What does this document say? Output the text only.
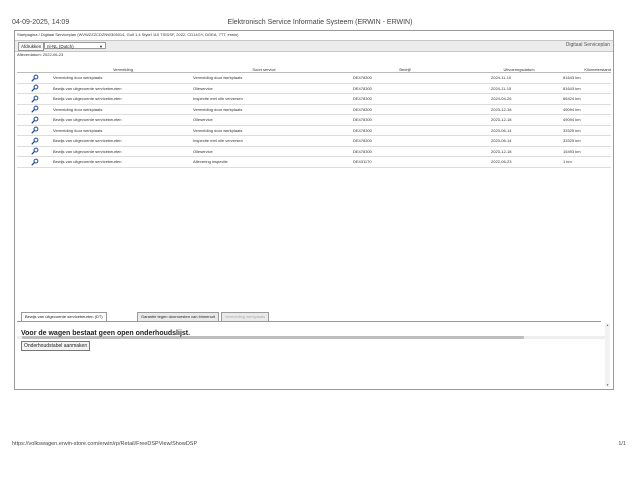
04-09-2025, 14:09	Elektronisch Service Informatie Systeem (ERWIN - ERWIN)
Startpagina / Digitaal Serviceplan (WVWZZZCDZNW305014, Golf 1.4 Styleİ 110 TSIDSF, 2022, CD14GY, DGEA, 7TT, erwin)
Afdrukken	nl-NL (Dutch)	▼	Digitaal Serviceplan
Afleverdatum: 2022-06-23
	Vermelding	Soort service	Bedrijf	Uitvoeringsdatum	Kilometerstand
	Vermelding door werkplaats	Vermelding door werkplaats	DE478300	2024-11-10	81643 km
	Bewijs van uitgevoerde servicebeurten	Olieservice	DE478300	2024-11-15	81643 km
	Bewijs van uitgevoerde servicebeurten	Inspectie met olie verversen	DE478300	2024-04-26	66424 km
	Vermelding door werkplaats	Vermelding door werkplaats	DE478300	2023-12-18	49094 km
	Bewijs van uitgevoerde servicebeurten	Olieservice	DE478300	2023-12-18	49094 km
	Vermelding door werkplaats	Vermelding door werkplaats	DE478300	2023-06-14	33325 km
	Bewijs van uitgevoerde servicebeurten	Inspectie met olie verversen	DE478300	2023-06-14	33325 km
	Bewijs van uitgevoerde servicebeurten	Olieservice	DE478300	2023-12-18	15493 km
	Bewijs van uitgevoerde servicebeurten	Aflevering inspectie	DE431170	2022-06-23	1 km
Bewijs van uitgevoerde servicebeurten (DT)	Garantie tegen doorroesten van binnenuit	Vermelding werkplaats
Voor de wagen bestaat geen open onderhoudslijst.
Onderhoudstabel aanmaken
▲
▼
https://volkswagen.erwin-store.com/erwin/rp/Retail/FreeDSPView/ShowDSP	1/1
